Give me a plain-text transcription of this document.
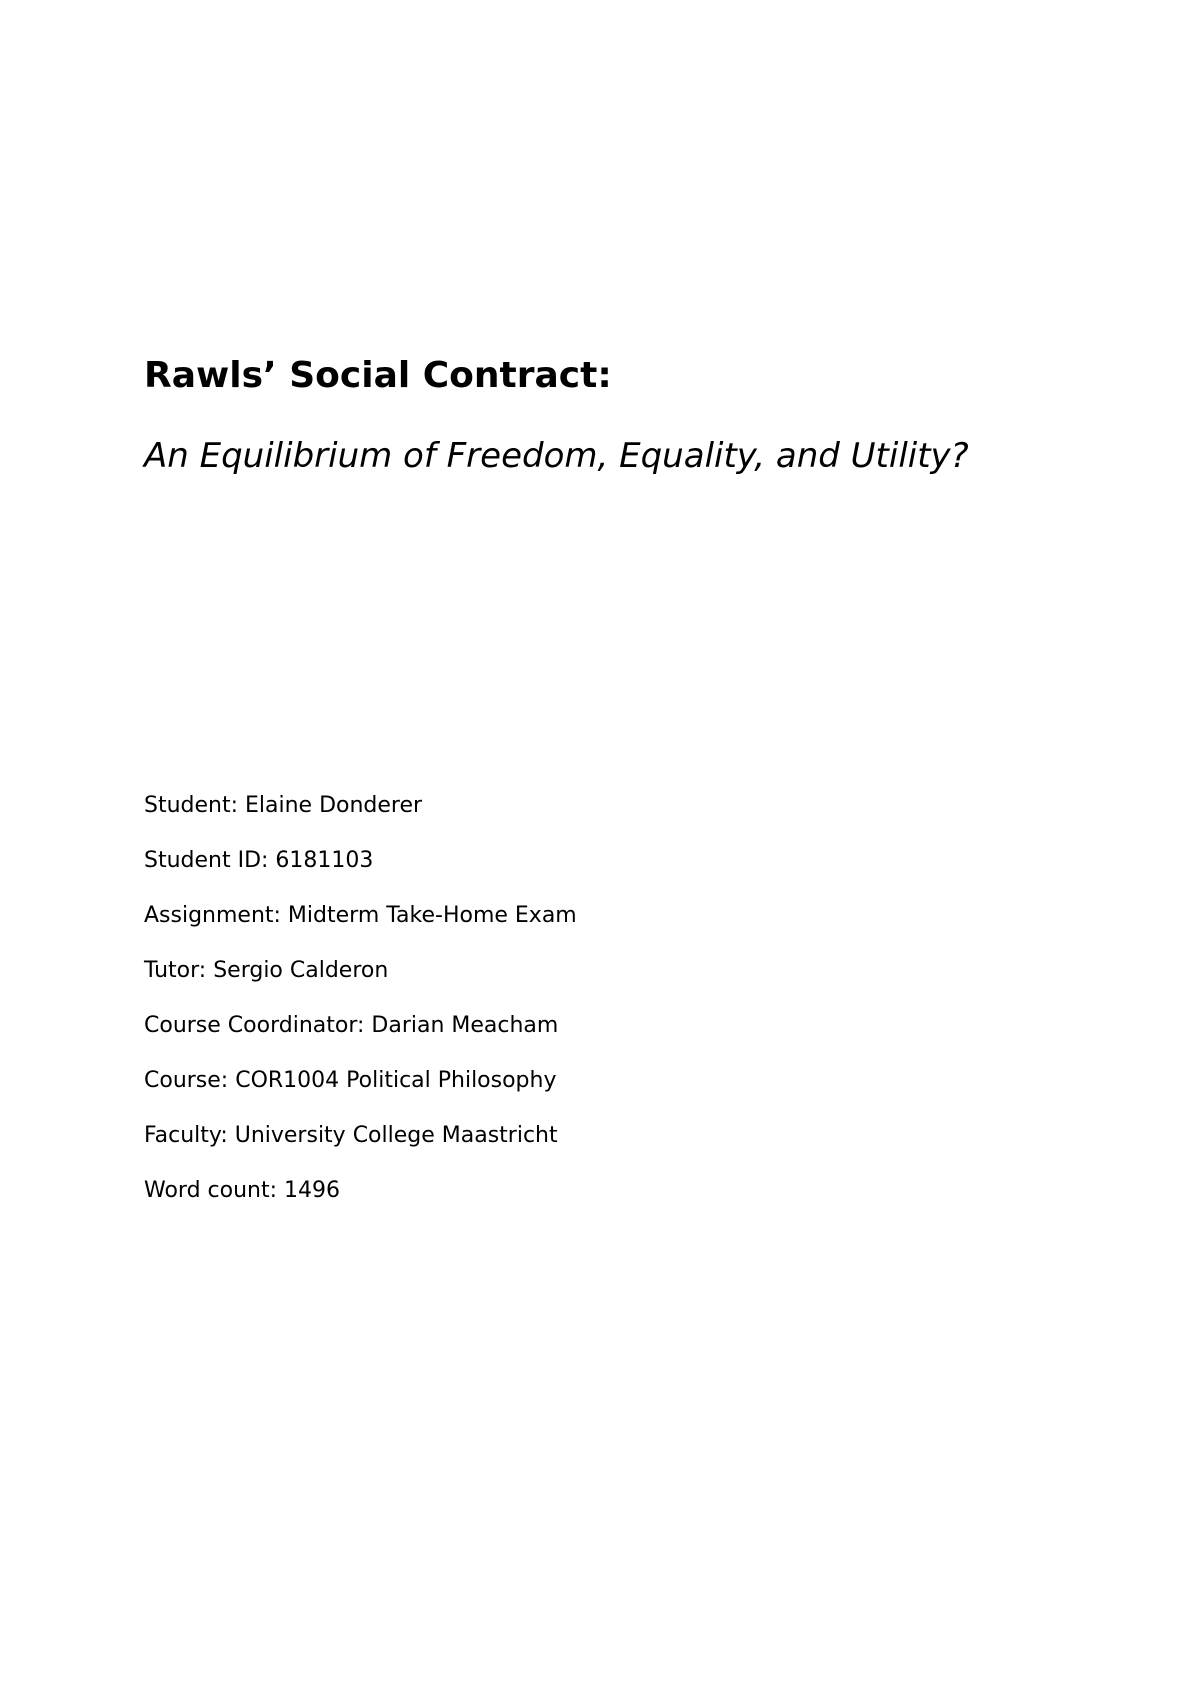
Rawls’ Social Contract:
An Equilibrium of Freedom, Equality, and Utility?
Student: Elaine Donderer
Student ID: 6181103
Assignment: Midterm Take-Home Exam
Tutor: Sergio Calderon
Course Coordinator: Darian Meacham
Course: COR1004 Political Philosophy
Faculty: University College Maastricht
Word count: 1496
